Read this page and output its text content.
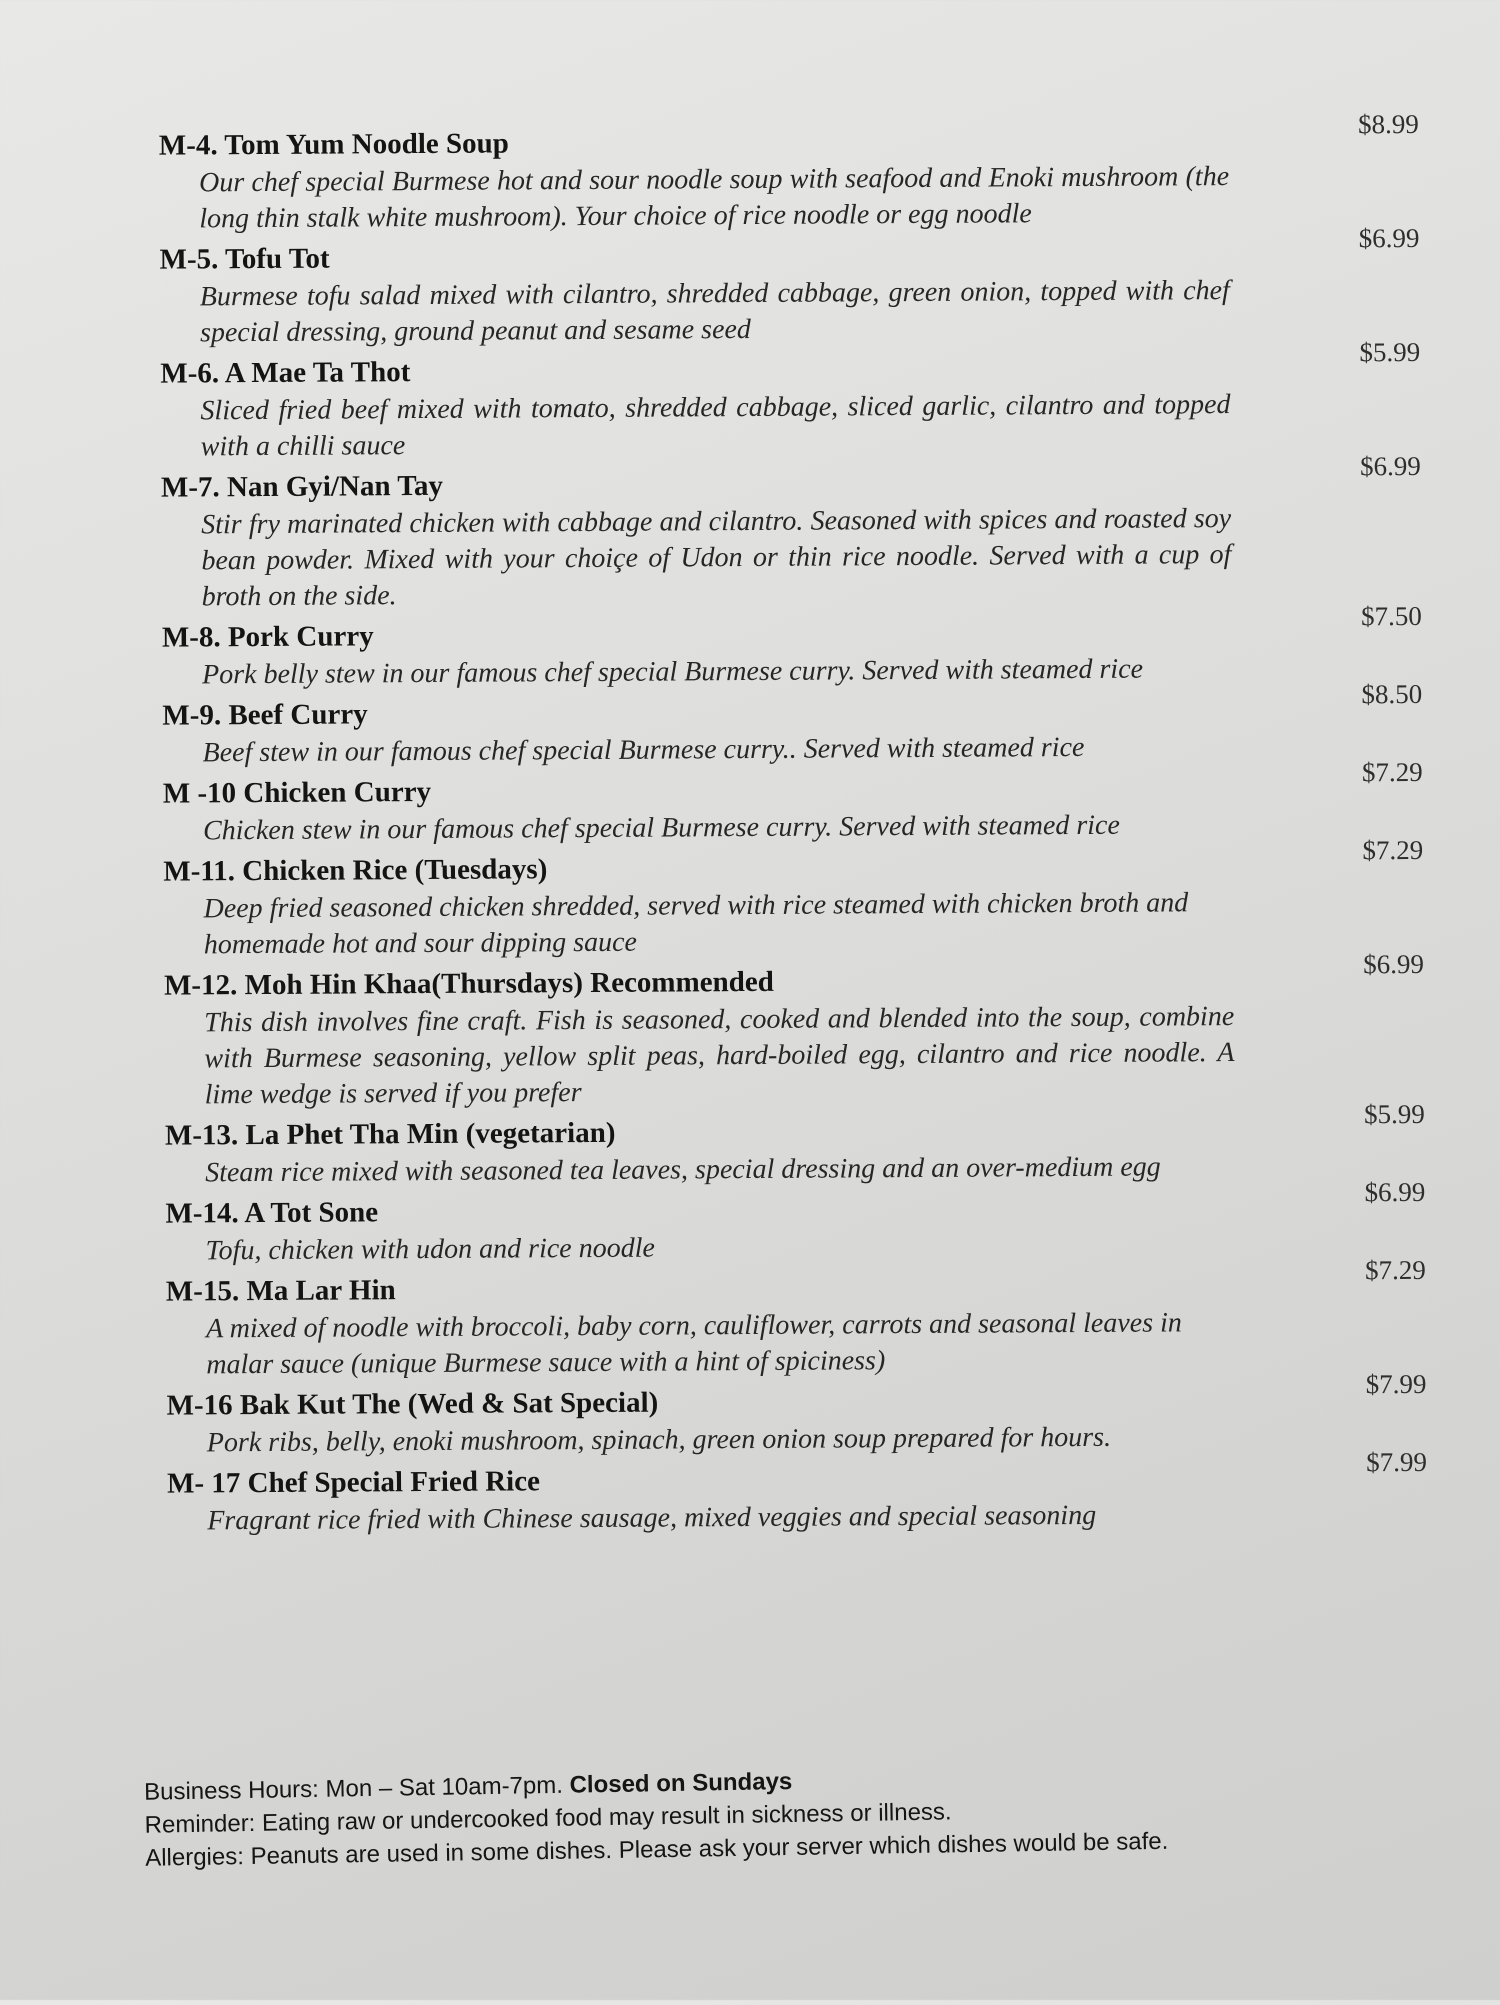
M-4. Tom Yum Noodle Soup
$8.99
Our chef special Burmese hot and sour noodle soup with seafood and Enoki mushroom (the long thin stalk white mushroom). Your choice of rice noodle or egg noodle
M-5. Tofu Tot
$6.99
Burmese tofu salad mixed with cilantro, shredded cabbage, green onion, topped with chef special dressing, ground peanut and sesame seed
M-6. A Mae Ta Thot
$5.99
Sliced fried beef mixed with tomato, shredded cabbage, sliced garlic, cilantro and topped with a chilli sauce
M-7. Nan Gyi/Nan Tay
$6.99
Stir fry marinated chicken with cabbage and cilantro. Seasoned with spices and roasted soy bean powder. Mixed with your choiçe of Udon or thin rice noodle. Served with a cup of broth on the side.
M-8. Pork Curry
$7.50
Pork belly stew in our famous chef special Burmese curry. Served with steamed rice
M-9. Beef Curry
$8.50
Beef stew in our famous chef special Burmese curry.. Served with steamed rice
M -10 Chicken Curry
$7.29
Chicken stew in our famous chef special Burmese curry. Served with steamed rice
M-11. Chicken Rice (Tuesdays)
$7.29
Deep fried seasoned chicken shredded, served with rice steamed with chicken broth and homemade hot and sour dipping sauce
M-12. Moh Hin Khaa(Thursdays) Recommended
$6.99
This dish involves fine craft. Fish is seasoned, cooked and blended into the soup, combine with Burmese seasoning, yellow split peas, hard-boiled egg, cilantro and rice noodle. A lime wedge is served if you prefer
M-13. La Phet Tha Min (vegetarian)
$5.99
Steam rice mixed with seasoned tea leaves, special dressing and an over-medium egg
M-14. A Tot Sone
$6.99
Tofu, chicken with udon and rice noodle
M-15. Ma Lar Hin
$7.29
A mixed of noodle with broccoli, baby corn, cauliflower, carrots and seasonal leaves in malar sauce (unique Burmese sauce with a hint of spiciness)
M-16 Bak Kut The (Wed & Sat Special)
$7.99
Pork ribs, belly, enoki mushroom, spinach, green onion soup prepared for hours.
M- 17 Chef Special Fried Rice
$7.99
Fragrant rice fried with Chinese sausage, mixed veggies and special seasoning
Business Hours: Mon – Sat 10am-7pm. Closed on Sundays
Reminder: Eating raw or undercooked food may result in sickness or illness.
Allergies: Peanuts are used in some dishes. Please ask your server which dishes would be safe.
